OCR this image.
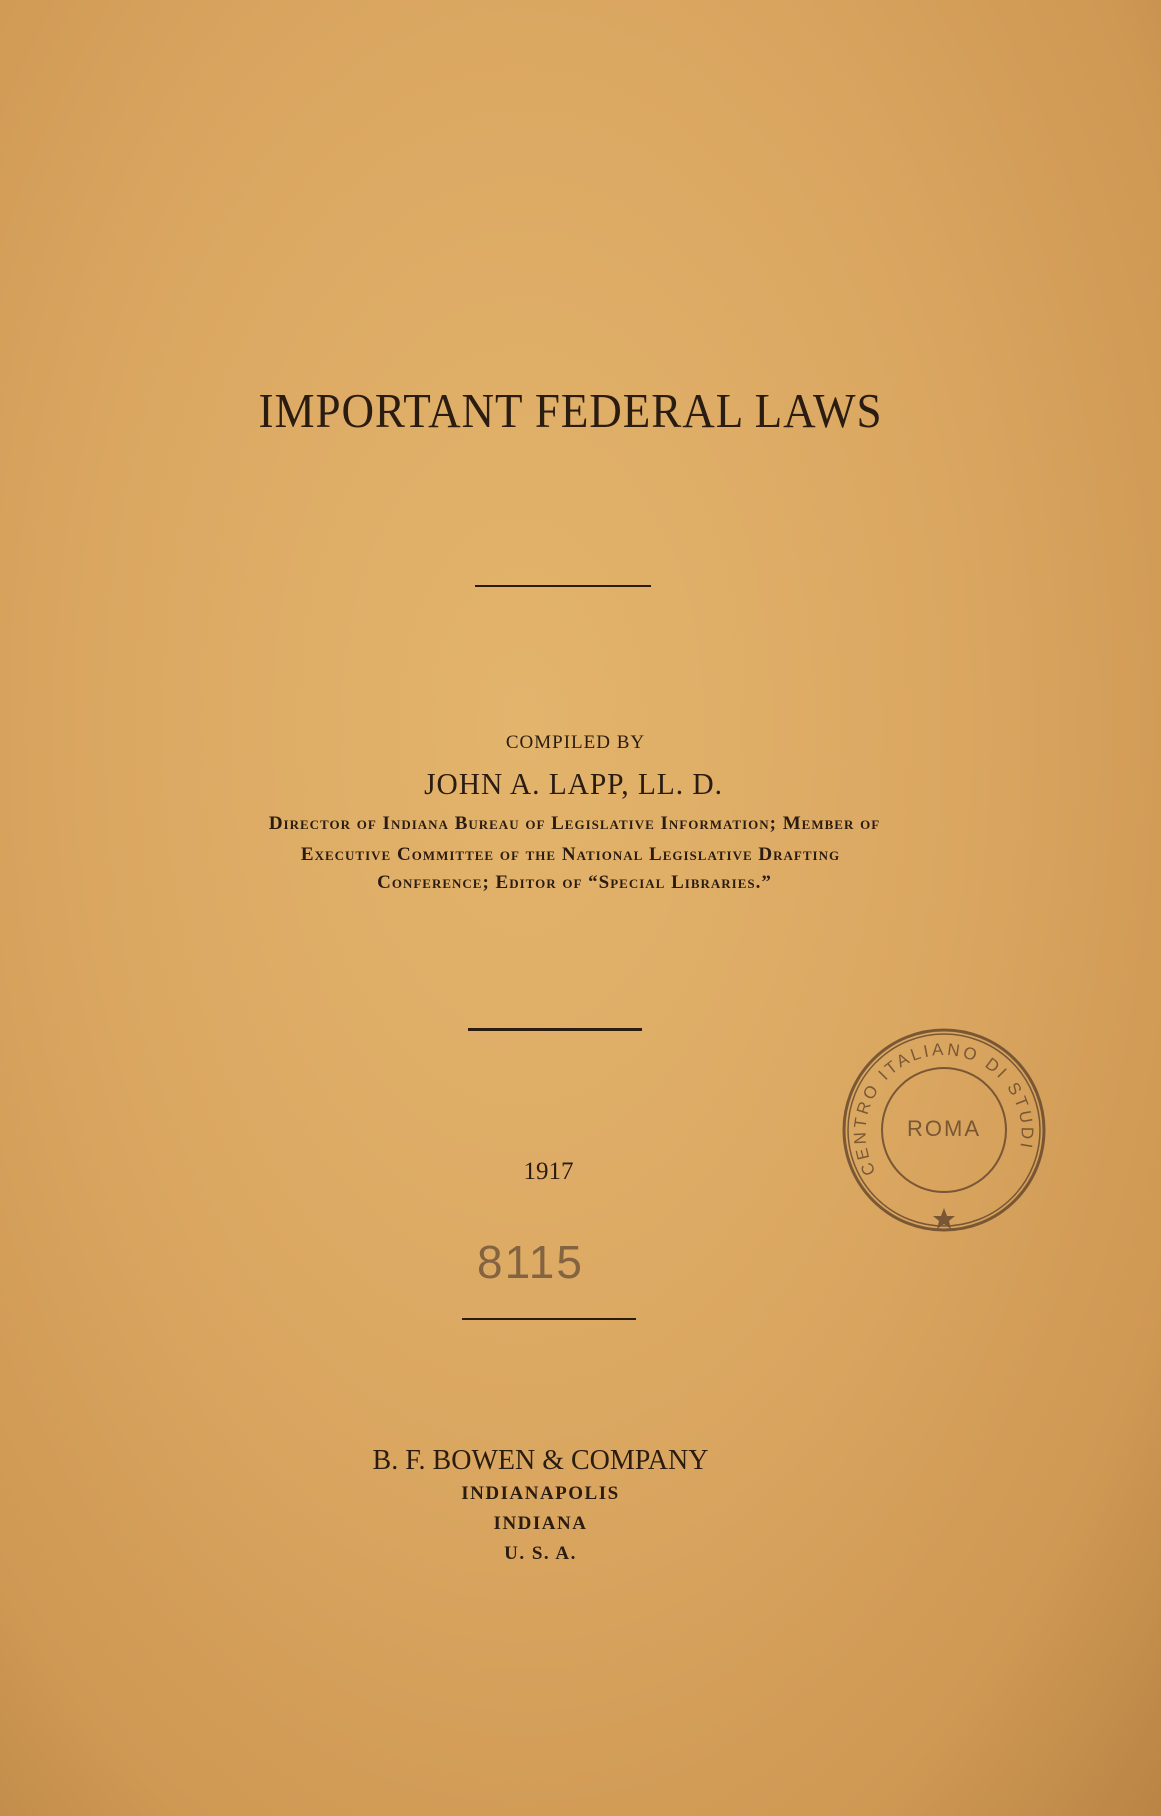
IMPORTANT FEDERAL LAWS
COMPILED BY
JOHN A. LAPP, LL. D.
Director of Indiana Bureau of Legislative Information; Member of
Executive Committee of the National Legislative Drafting
Conference; Editor of “Special Libraries.”
1917
8115
B. F. BOWEN & COMPANY
INDIANAPOLIS
INDIANA
U. S. A.
CENTRO ITALIANO DI STUDI
ROMA
